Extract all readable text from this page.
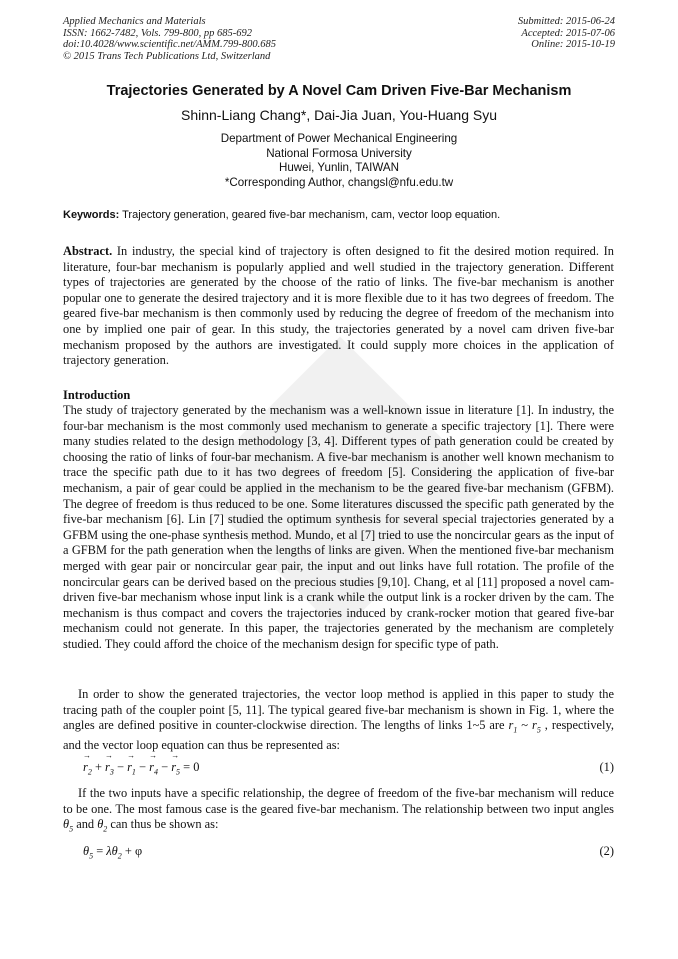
Applied Mechanics and Materials
ISSN: 1662-7482, Vols. 799-800, pp 685-692
doi:10.4028/www.scientific.net/AMM.799-800.685
© 2015 Trans Tech Publications Ltd, Switzerland
Submitted: 2015-06-24
Accepted: 2015-07-06
Online: 2015-10-19
Trajectories Generated by A Novel Cam Driven Five-Bar Mechanism
Shinn-Liang Chang*, Dai-Jia Juan, You-Huang Syu
Department of Power Mechanical Engineering
National Formosa University
Huwei, Yunlin, TAIWAN
*Corresponding Author, changsl@nfu.edu.tw
Keywords: Trajectory generation, geared five-bar mechanism, cam, vector loop equation.
Abstract. In industry, the special kind of trajectory is often designed to fit the desired motion required. In literature, four-bar mechanism is popularly applied and well studied in the trajectory generation. Different types of trajectories are generated by the choose of the ratio of links. The five-bar mechanism is another popular one to generate the desired trajectory and it is more flexible due to it has two degrees of freedom. The geared five-bar mechanism is then commonly used by reducing the degree of freedom of the mechanism into one by implied one pair of gear. In this study, the trajectories generated by a novel cam driven five-bar mechanism proposed by the authors are investigated. It could supply more choices in the application of trajectory generation.
Introduction
The study of trajectory generated by the mechanism was a well-known issue in literature [1]. In industry, the four-bar mechanism is the most commonly used mechanism to generate a specific trajectory [1]. There were many studies related to the design methodology [3, 4]. Different types of path generation could be created by choosing the ratio of links of four-bar mechanism. A five-bar mechanism is another well known mechanism to trace the specific path due to it has two degrees of freedom [5]. Considering the application of five-bar mechanism, a pair of gear could be applied in the mechanism to be the geared five-bar mechanism (GFBM). The degree of freedom is thus reduced to be one. Some literatures discussed the specific path generated by the five-bar mechanism [6]. Lin [7] studied the optimum synthesis for several special trajectories generated by a GFBM using the one-phase synthesis method. Mundo, et al [7] tried to use the noncircular gears as the input of a GFBM for the path generation when the lengths of links are given. When the mentioned five-bar mechanism merged with gear pair or noncircular gear pair, the input and out links have full rotation. The profile of the noncircular gears can be derived based on the precious studies [9,10]. Chang, et al [11] proposed a novel cam-driven five-bar mechanism whose input link is a crank while the output link is a rocker driven by the cam. The mechanism is thus compact and covers the trajectories induced by crank-rocker motion that geared five-bar mechanism could not generate. In this paper, the trajectories generated by the mechanism are completely studied. They could afford the choice of the mechanism design for specific type of path.
In order to show the generated trajectories, the vector loop method is applied in this paper to study the tracing path of the coupler point [5, 11]. The typical geared five-bar mechanism is shown in Fig. 1, where the angles are defined positive in counter-clockwise direction. The lengths of links 1~5 are $r_1$ ~ $r_5$ , respectively, and the vector loop equation can thus be represented as:
→ $r_2$ + → $r_3$ − → $r_1$ − → $r_4$ − → $r_5 = 0$	(1)
If the two inputs have a specific relationship, the degree of freedom of the five-bar mechanism will reduce to be one. The most famous case is the geared five-bar mechanism. The relationship between two input angles $\theta_5$ and $\theta_2$ can thus be shown as:
$\theta_5 = \lambda\theta_2 + \varphi$	(2)
